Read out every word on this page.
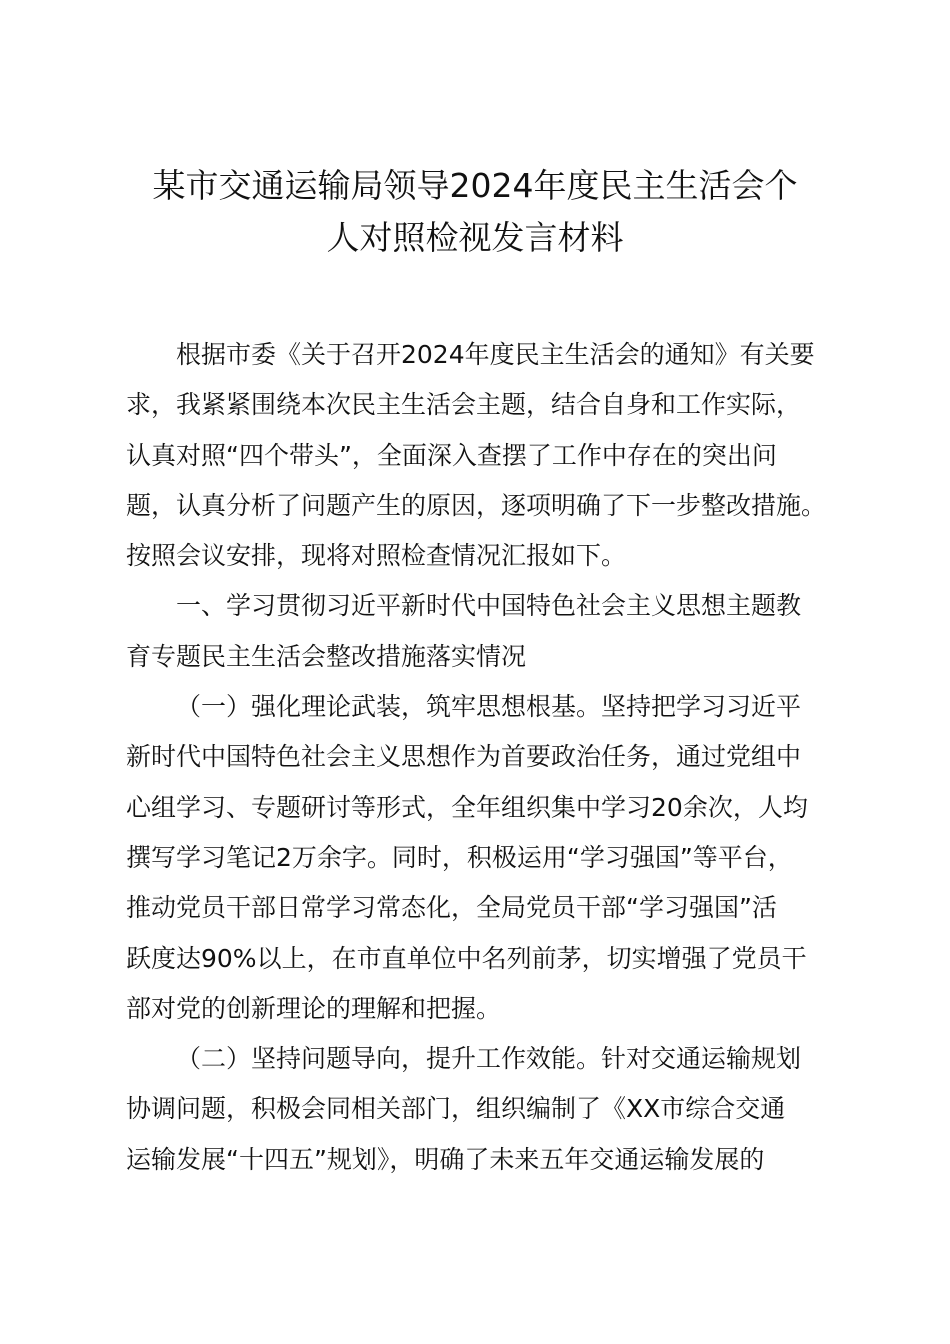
某市交通运输局领导2024年度民主生活会个
人对照检视发言材料
根据市委《关于召开2024年度民主生活会的通知》有关要
求，我紧紧围绕本次民主生活会主题，结合自身和工作实际，
认真对照“四个带头”，全面深入查摆了工作中存在的突出问
题，认真分析了问题产生的原因，逐项明确了下一步整改措施。
按照会议安排，现将对照检查情况汇报如下。
一、学习贯彻习近平新时代中国特色社会主义思想主题教
育专题民主生活会整改措施落实情况
（一）强化理论武装，筑牢思想根基。坚持把学习习近平
新时代中国特色社会主义思想作为首要政治任务，通过党组中
心组学习、专题研讨等形式，全年组织集中学习20余次，人均
撰写学习笔记2万余字。同时，积极运用“学习强国”等平台，
推动党员干部日常学习常态化，全局党员干部“学习强国”活
跃度达90%以上，在市直单位中名列前茅，切实增强了党员干
部对党的创新理论的理解和把握。
（二）坚持问题导向，提升工作效能。针对交通运输规划
协调问题，积极会同相关部门，组织编制了《XX市综合交通
运输发展“十四五”规划》，明确了未来五年交通运输发展的
